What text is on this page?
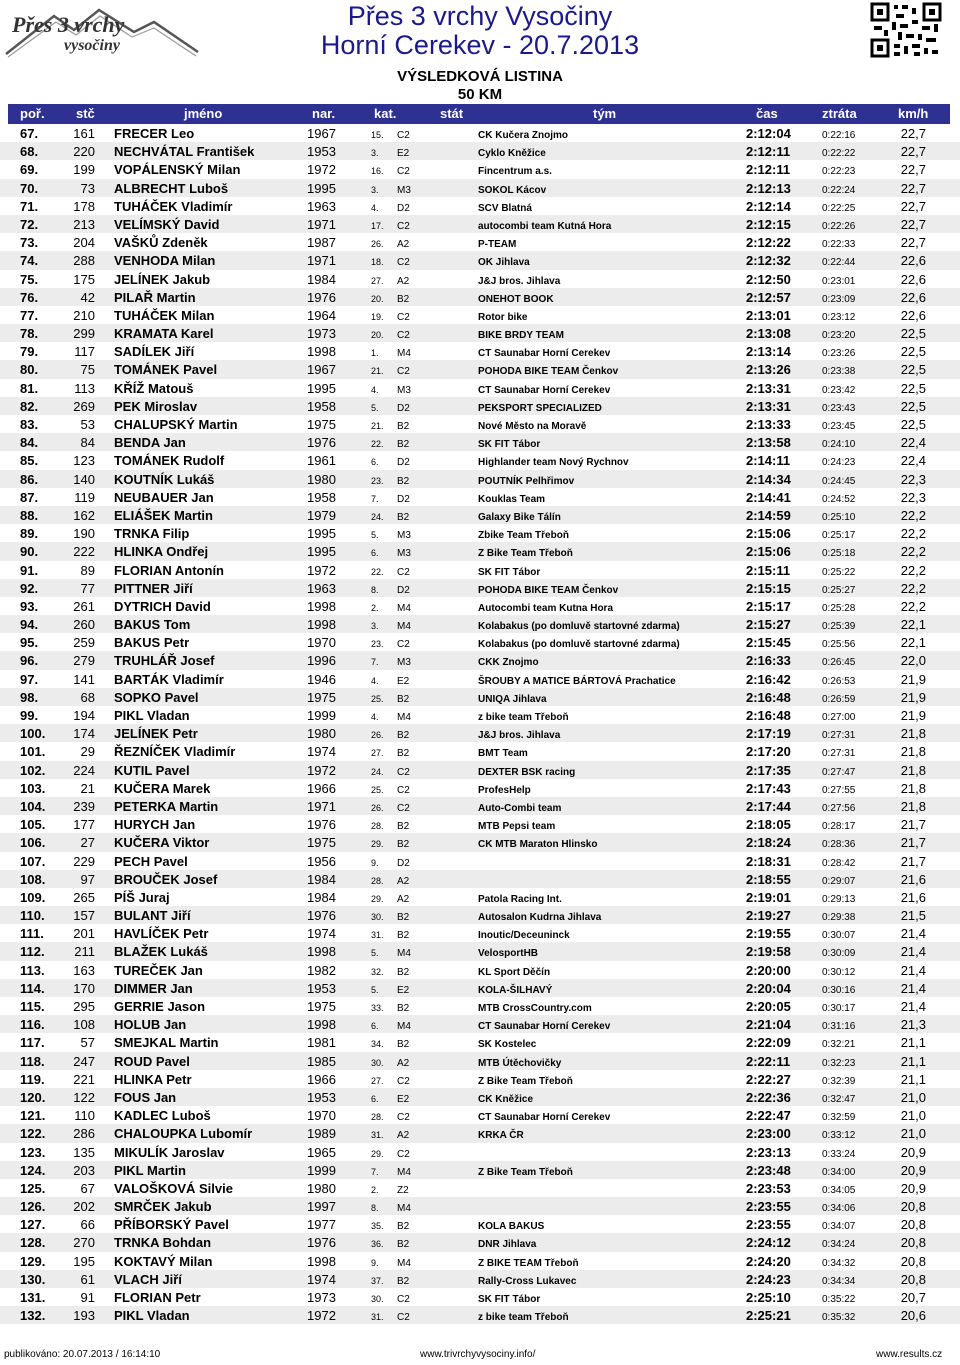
Přes 3 vrchy
vysočiny
Přes 3 vrchy Vysočiny
Horní Cerekev - 20.7.2013
VÝSLEDKOVÁ LISTINA
50 KM
poř. stč	jméno	nar.	kat.	stát	tým	čas	ztráta	km/h
67.	161 FRECER Leo	1967	15. C2	CK Kučera Znojmo	2:12:04	0:22:16	22,7
68.	220 NECHVÁTAL František	1953	3. E2	Cyklo Kněžice	2:12:11	0:22:22	22,7
69.	199 VOPÁLENSKÝ Milan	1972	16. C2	Fincentrum a.s.	2:12:11	0:22:23	22,7
70.	73 ALBRECHT Luboš	1995	3. M3	SOKOL Kácov	2:12:13	0:22:24	22,7
71.	178 TUHÁČEK Vladimír	1963	4. D2	SCV Blatná	2:12:14	0:22:25	22,7
72.	213 VELÍMSKÝ David	1971	17. C2	autocombi team Kutná Hora	2:12:15	0:22:26	22,7
73.	204 VAŠKŮ Zdeněk	1987	26. A2	P-TEAM	2:12:22	0:22:33	22,7
74.	288 VENHODA Milan	1971	18. C2	OK Jihlava	2:12:32	0:22:44	22,6
75.	175 JELÍNEK Jakub	1984	27. A2	J&J bros. Jihlava	2:12:50	0:23:01	22,6
76.	42 PILAŘ Martin	1976	20. B2	ONEHOT BOOK	2:12:57	0:23:09	22,6
77.	210 TUHÁČEK Milan	1964	19. C2	Rotor bike	2:13:01	0:23:12	22,6
78.	299 KRAMATA Karel	1973	20. C2	BIKE BRDY TEAM	2:13:08	0:23:20	22,5
79.	117 SADÍLEK Jiří	1998	1. M4	CT Saunabar Horní Cerekev	2:13:14	0:23:26	22,5
80.	75 TOMÁNEK Pavel	1967	21. C2	POHODA BIKE TEAM Čenkov	2:13:26	0:23:38	22,5
81.	113 KŘÍŽ Matouš	1995	4. M3	CT Saunabar Horní Cerekev	2:13:31	0:23:42	22,5
82.	269 PEK Miroslav	1958	5. D2	PEKSPORT SPECIALIZED	2:13:31	0:23:43	22,5
83.	53 CHALUPSKÝ Martin	1975	21. B2	Nové Město na Moravě	2:13:33	0:23:45	22,5
84.	84 BENDA Jan	1976	22. B2	SK FIT Tábor	2:13:58	0:24:10	22,4
85.	123 TOMÁNEK Rudolf	1961	6. D2	Highlander team Nový Rychnov	2:14:11	0:24:23	22,4
86.	140 KOUTNÍK Lukáš	1980	23. B2	POUTNÍK Pelhřimov	2:14:34	0:24:45	22,3
87.	119 NEUBAUER Jan	1958	7. D2	Kouklas Team	2:14:41	0:24:52	22,3
88.	162 ELIÁŠEK Martin	1979	24. B2	Galaxy Bike Tálín	2:14:59	0:25:10	22,2
89.	190 TRNKA Filip	1995	5. M3	Zbike Team Třeboň	2:15:06	0:25:17	22,2
90.	222 HLINKA Ondřej	1995	6. M3	Z Bike Team Třeboň	2:15:06	0:25:18	22,2
91.	89 FLORIAN Antonín	1972	22. C2	SK FIT Tábor	2:15:11	0:25:22	22,2
92.	77 PITTNER Jiří	1963	8. D2	POHODA BIKE TEAM Čenkov	2:15:15	0:25:27	22,2
93.	261 DYTRICH David	1998	2. M4	Autocombi team Kutna Hora	2:15:17	0:25:28	22,2
94.	260 BAKUS Tom	1998	3. M4	Kolabakus (po domluvě startovné zdarma)	2:15:27	0:25:39	22,1
95.	259 BAKUS Petr	1970	23. C2	Kolabakus (po domluvě startovné zdarma)	2:15:45	0:25:56	22,1
96.	279 TRUHLÁŘ Josef	1996	7. M3	CKK Znojmo	2:16:33	0:26:45	22,0
97.	141 BARTÁK Vladimír	1946	4. E2	ŠROUBY A MATICE BÁRTOVÁ Prachatice	2:16:42	0:26:53	21,9
98.	68 SOPKO Pavel	1975	25. B2	UNIQA Jihlava	2:16:48	0:26:59	21,9
99.	194 PIKL Vladan	1999	4. M4	z bike team Třeboň	2:16:48	0:27:00	21,9
100.	174 JELÍNEK Petr	1980	26. B2	J&J bros. Jihlava	2:17:19	0:27:31	21,8
101.	29 ŘEZNÍČEK Vladimír	1974	27. B2	BMT Team	2:17:20	0:27:31	21,8
102.	224 KUTIL Pavel	1972	24. C2	DEXTER BSK racing	2:17:35	0:27:47	21,8
103.	21 KUČERA Marek	1966	25. C2	ProfesHelp	2:17:43	0:27:55	21,8
104.	239 PETERKA Martin	1971	26. C2	Auto-Combi team	2:17:44	0:27:56	21,8
105.	177 HURYCH Jan	1976	28. B2	MTB Pepsi team	2:18:05	0:28:17	21,7
106.	27 KUČERA Viktor	1975	29. B2	CK MTB Maraton Hlinsko	2:18:24	0:28:36	21,7
107.	229 PECH Pavel	1956	9. D2	2:18:31	0:28:42	21,7
108.	97 BROUČEK Josef	1984	28. A2	2:18:55	0:29:07	21,6
109.	265 PÍŠ Juraj	1984	29. A2	Patola Racing Int.	2:19:01	0:29:13	21,6
110.	157 BULANT Jiří	1976	30. B2	Autosalon Kudrna Jihlava	2:19:27	0:29:38	21,5
111.	201 HAVLÍČEK Petr	1974	31. B2	Inoutic/Deceuninck	2:19:55	0:30:07	21,4
112.	211 BLAŽEK Lukáš	1998	5. M4	VelosportHB	2:19:58	0:30:09	21,4
113.	163 TUREČEK Jan	1982	32. B2	KL Sport Děčín	2:20:00	0:30:12	21,4
114.	170 DIMMER Jan	1953	5. E2	KOLA-ŠILHAVÝ	2:20:04	0:30:16	21,4
115.	295 GERRIE Jason	1975	33. B2	MTB CrossCountry.com	2:20:05	0:30:17	21,4
116.	108 HOLUB Jan	1998	6. M4	CT Saunabar Horní Cerekev	2:21:04	0:31:16	21,3
117.	57 SMEJKAL Martin	1981	34. B2	SK Kostelec	2:22:09	0:32:21	21,1
118.	247 ROUD Pavel	1985	30. A2	MTB Útěchovičky	2:22:11	0:32:23	21,1
119.	221 HLINKA Petr	1966	27. C2	Z Bike Team Třeboň	2:22:27	0:32:39	21,1
120.	122 FOUS Jan	1953	6. E2	CK Kněžice	2:22:36	0:32:47	21,0
121.	110 KADLEC Luboš	1970	28. C2	CT Saunabar Horní Cerekev	2:22:47	0:32:59	21,0
122.	286 CHALOUPKA Lubomír	1989	31. A2	KRKA ČR	2:23:00	0:33:12	21,0
123.	135 MIKULÍK Jaroslav	1965	29. C2	2:23:13	0:33:24	20,9
124.	203 PIKL Martin	1999	7. M4	Z Bike Team Třeboň	2:23:48	0:34:00	20,9
125.	67 VALOŠKOVÁ Silvie	1980	2. Z2	2:23:53	0:34:05	20,9
126.	202 SMRČEK Jakub	1997	8. M4	2:23:55	0:34:06	20,8
127.	66 PŘÍBORSKÝ Pavel	1977	35. B2	KOLA BAKUS	2:23:55	0:34:07	20,8
128.	270 TRNKA Bohdan	1976	36. B2	DNR Jihlava	2:24:12	0:34:24	20,8
129.	195 KOKTAVÝ Milan	1998	9. M4	Z BIKE TEAM Třeboň	2:24:20	0:34:32	20,8
130.	61 VLACH Jiří	1974	37. B2	Rally-Cross Lukavec	2:24:23	0:34:34	20,8
131.	91 FLORIAN Petr	1973	30. C2	SK FIT Tábor	2:25:10	0:35:22	20,7
132.	193 PIKL Vladan	1972	31. C2	z bike team Třeboň	2:25:21	0:35:32	20,6
publikováno: 20.07.2013 / 16:14:10	www.trivrchyvysociny.info/	www.results.cz
